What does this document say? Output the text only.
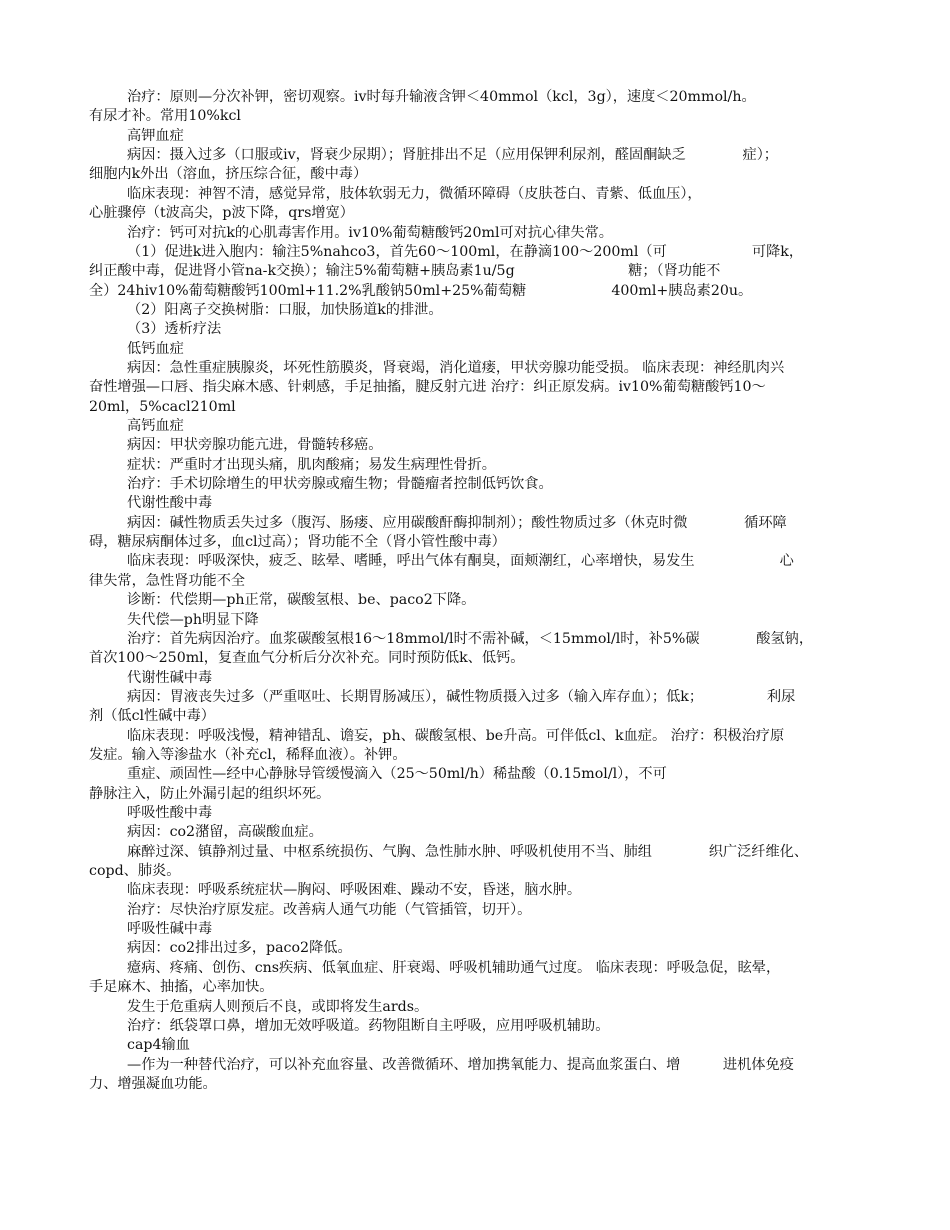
治疗：原则—分次补钾，密切观察。iv时每升输液含钾＜40mmol（kcl，3g），速度＜20mmol/h。
有尿才补。常用10%kcl
高钾血症
病因：摄入过多（口服或iv，肾衰少尿期）；肾脏排出不足（应用保钾利尿剂，醛固酮缺乏　　　　症）；
细胞内k外出（溶血，挤压综合征，酸中毒）
临床表现：神智不清，感觉异常，肢体软弱无力，微循环障碍（皮肤苍白、青紫、低血压），
心脏骤停（t波高尖，p波下降，qrs增宽）
治疗：钙可对抗k的心肌毒害作用。iv10%葡萄糖酸钙20ml可对抗心律失常。
（1）促进k进入胞内：输注5%nahco3，首先60～100ml，在静滴100～200ml（可　　　　　　可降k，
纠正酸中毒，促进肾小管na-k交换）；输注5%葡萄糖+胰岛素1u/5g　　　　　　　　糖；（肾功能不
全）24hiv10%葡萄糖酸钙100ml+11.2%乳酸钠50ml+25%葡萄糖　　　　　　400ml+胰岛素20u。
（2）阳离子交换树脂：口服，加快肠道k的排泄。
（3）透析疗法
低钙血症
病因：急性重症胰腺炎，坏死性筋膜炎，肾衰竭，消化道瘘，甲状旁腺功能受损。 临床表现：神经肌肉兴
奋性增强—口唇、指尖麻木感、针刺感，手足抽搐，腱反射亢进 治疗：纠正原发病。iv10%葡萄糖酸钙10～
20ml，5%cacl210ml
高钙血症
病因：甲状旁腺功能亢进，骨髓转移癌。
症状：严重时才出现头痛，肌肉酸痛；易发生病理性骨折。
治疗：手术切除增生的甲状旁腺或瘤生物；骨髓瘤者控制低钙饮食。
代谢性酸中毒
病因：碱性物质丢失过多（腹泻、肠瘘、应用碳酸酐酶抑制剂）；酸性物质过多（休克时微　　　　循环障
碍，糖尿病酮体过多，血cl过高）；肾功能不全（肾小管性酸中毒）
临床表现：呼吸深快，疲乏、眩晕、嗜睡，呼出气体有酮臭，面颊潮红，心率增快，易发生　　　　　　心
律失常，急性肾功能不全
诊断：代偿期—ph正常，碳酸氢根、be、paco2下降。
失代偿—ph明显下降
治疗：首先病因治疗。血浆碳酸氢根16～18mmol/l时不需补碱，＜15mmol/l时，补5%碳　　　　酸氢钠，
首次100～250ml，复查血气分析后分次补充。同时预防低k、低钙。
代谢性碱中毒
病因：胃液丧失过多（严重呕吐、长期胃肠减压），碱性物质摄入过多（输入库存血）；低k；　　　　　利尿
剂（低cl性碱中毒）
临床表现：呼吸浅慢，精神错乱、谵妄，ph、碳酸氢根、be升高。可伴低cl、k血症。 治疗：积极治疗原
发症。输入等渗盐水（补充cl，稀释血液）。补钾。
重症、顽固性—经中心静脉导管缓慢滴入（25～50ml/h）稀盐酸（0.15mol/l），不可
静脉注入，防止外漏引起的组织坏死。
呼吸性酸中毒
病因：co2潴留，高碳酸血症。
麻醉过深、镇静剂过量、中枢系统损伤、气胸、急性肺水肿、呼吸机使用不当、肺组　　　　织广泛纤维化、
copd、肺炎。
临床表现：呼吸系统症状—胸闷、呼吸困难、躁动不安，昏迷，脑水肿。
治疗：尽快治疗原发症。改善病人通气功能（气管插管，切开）。
呼吸性碱中毒
病因：co2排出过多，paco2降低。
癔病、疼痛、创伤、cns疾病、低氧血症、肝衰竭、呼吸机辅助通气过度。 临床表现：呼吸急促，眩晕，
手足麻木、抽搐，心率加快。
发生于危重病人则预后不良，或即将发生ards。
治疗：纸袋罩口鼻，增加无效呼吸道。药物阻断自主呼吸，应用呼吸机辅助。
cap4输血
—作为一种替代治疗，可以补充血容量、改善微循环、增加携氧能力、提高血浆蛋白、增　　　进机体免疫
力、增强凝血功能。
